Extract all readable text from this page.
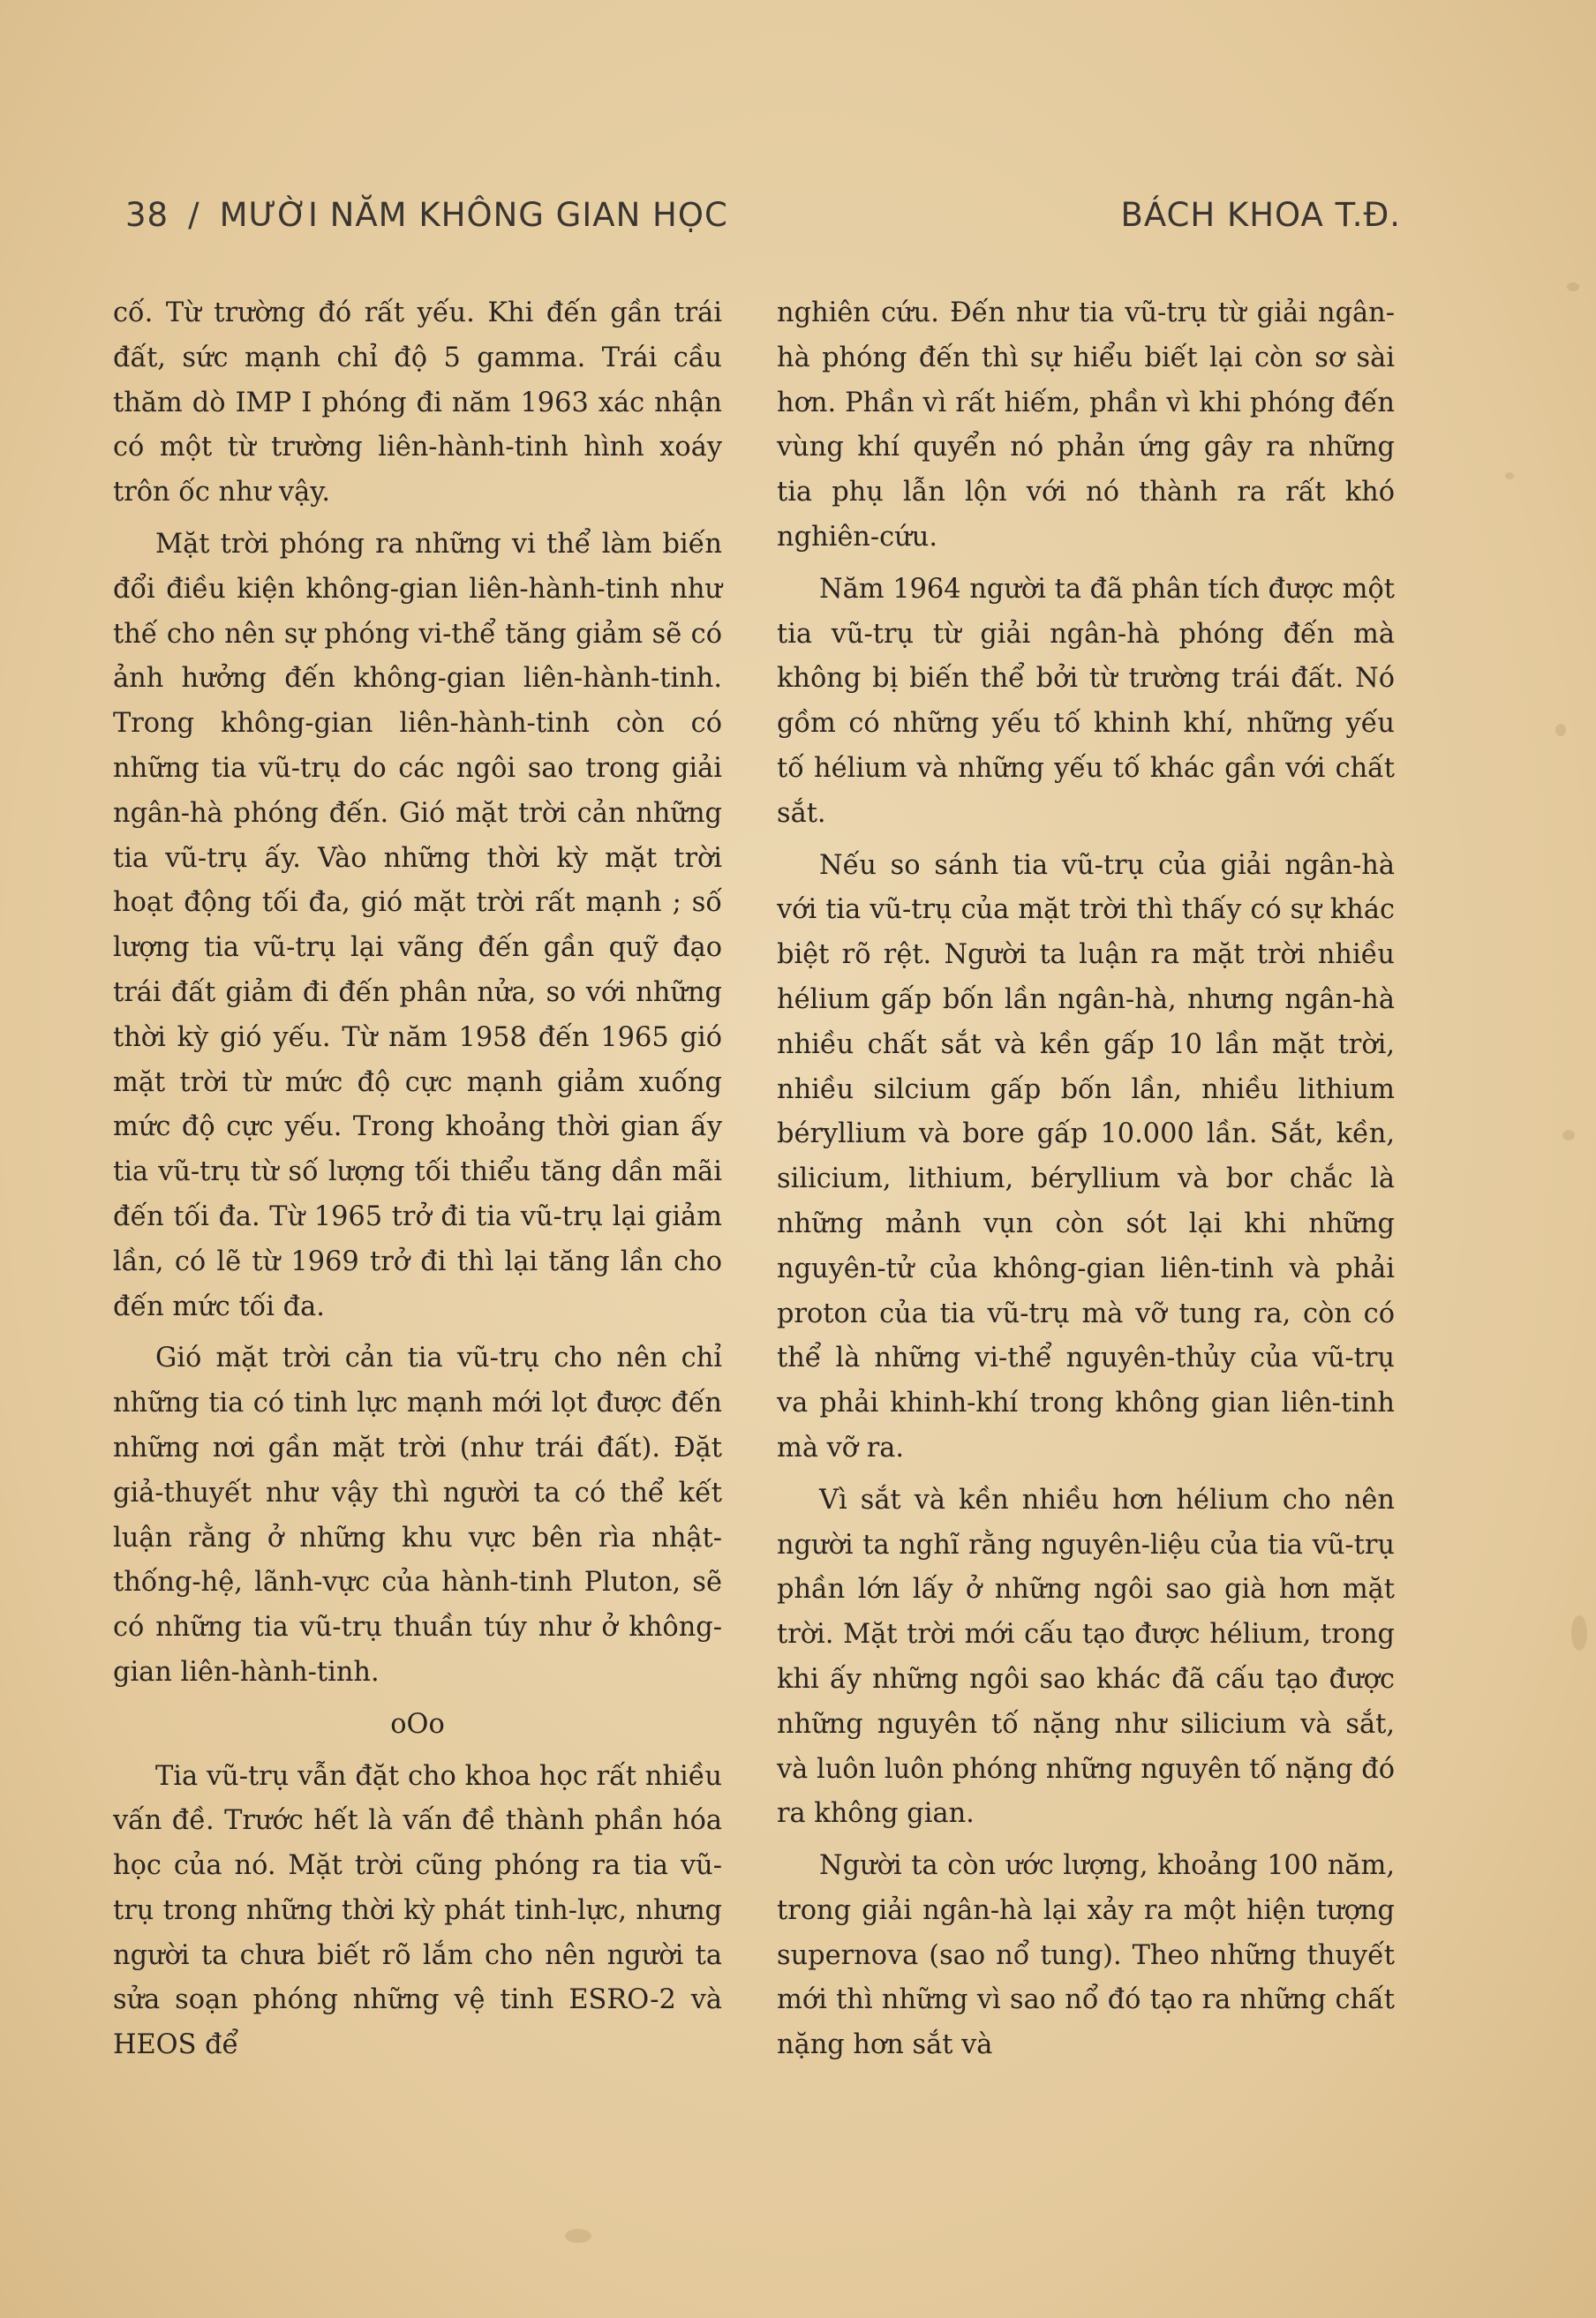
38 / MƯỜI NĂM KHÔNG GIAN HỌC	BÁCH KHOA T.Đ.

cố. Từ trường đó rất yếu. Khi đến gần trái đất, sức mạnh chỉ độ 5 gamma. Trái cầu thăm dò IMP I phóng đi năm 1963 xác nhận có một từ trường liên-hành-tinh hình xoáy trôn ốc như vậy.

Mặt trời phóng ra những vi thể làm biến đổi điều kiện không-gian liên-hành-tinh như thế cho nên sự phóng vi-thể tăng giảm sẽ có ảnh hưởng đến không-gian liên-hành-tinh. Trong không-gian liên-hành-tinh còn có những tia vũ-trụ do các ngôi sao trong giải ngân-hà phóng đến. Gió mặt trời cản những tia vũ-trụ ấy. Vào những thời kỳ mặt trời hoạt động tối đa, gió mặt trời rất mạnh ; số lượng tia vũ-trụ lại vãng đến gần quỹ đạo trái đất giảm đi đến phân nửa, so với những thời kỳ gió yếu. Từ năm 1958 đến 1965 gió mặt trời từ mức độ cực mạnh giảm xuống mức độ cực yếu. Trong khoảng thời gian ấy tia vũ-trụ từ số lượng tối thiểu tăng dần mãi đến tối đa. Từ 1965 trở đi tia vũ-trụ lại giảm lần, có lẽ từ 1969 trở đi thì lại tăng lần cho đến mức tối đa.

Gió mặt trời cản tia vũ-trụ cho nên chỉ những tia có tinh lực mạnh mới lọt được đến những nơi gần mặt trời (như trái đất). Đặt giả-thuyết như vậy thì người ta có thể kết luận rằng ở những khu vực bên rìa nhật-thống-hệ, lãnh-vực của hành-tinh Pluton, sẽ có những tia vũ-trụ thuần túy như ở không-gian liên-hành-tinh.

oOo

Tia vũ-trụ vẫn đặt cho khoa học rất nhiều vấn đề. Trước hết là vấn đề thành phần hóa học của nó. Mặt trời cũng phóng ra tia vũ-trụ trong những thời kỳ phát tinh-lực, nhưng người ta chưa biết rõ lắm cho nên người ta sửa soạn phóng những vệ tinh ESRO-2 và HEOS để

nghiên cứu. Đến như tia vũ-trụ từ giải ngân-hà phóng đến thì sự hiểu biết lại còn sơ sài hơn. Phần vì rất hiếm, phần vì khi phóng đến vùng khí quyển nó phản ứng gây ra những tia phụ lẫn lộn với nó thành ra rất khó nghiên-cứu.

Năm 1964 người ta đã phân tích được một tia vũ-trụ từ giải ngân-hà phóng đến mà không bị biến thể bởi từ trường trái đất. Nó gồm có những yếu tố khinh khí, những yếu tố hélium và những yếu tố khác gần với chất sắt.

Nếu so sánh tia vũ-trụ của giải ngân-hà với tia vũ-trụ của mặt trời thì thấy có sự khác biệt rõ rệt. Người ta luận ra mặt trời nhiều hélium gấp bốn lần ngân-hà, nhưng ngân-hà nhiều chất sắt và kền gấp 10 lần mặt trời, nhiều silcium gấp bốn lần, nhiều lithium béryllium và bore gấp 10.000 lần. Sắt, kền, silicium, lithium, béryllium và bor chắc là những mảnh vụn còn sót lại khi những nguyên-tử của không-gian liên-tinh và phải proton của tia vũ-trụ mà vỡ tung ra, còn có thể là những vi-thể nguyên-thủy của vũ-trụ va phải khinh-khí trong không gian liên-tinh mà vỡ ra.

Vì sắt và kền nhiều hơn hélium cho nên người ta nghĩ rằng nguyên-liệu của tia vũ-trụ phần lớn lấy ở những ngôi sao già hơn mặt trời. Mặt trời mới cấu tạo được hélium, trong khi ấy những ngôi sao khác đã cấu tạo được những nguyên tố nặng như silicium và sắt, và luôn luôn phóng những nguyên tố nặng đó ra không gian.

Người ta còn ước lượng, khoảng 100 năm, trong giải ngân-hà lại xảy ra một hiện tượng supernova (sao nổ tung). Theo những thuyết mới thì những vì sao nổ đó tạo ra những chất nặng hơn sắt và
